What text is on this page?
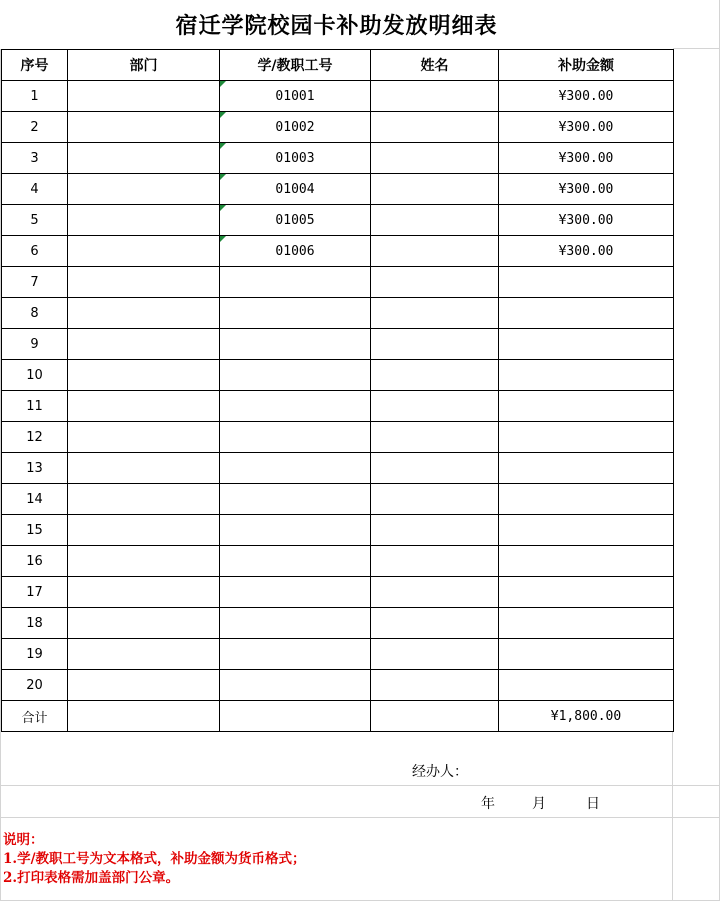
宿迁学院校园卡补助发放明细表
序号	部门	学/教职工号	姓名	补助金额
1		01001		¥300.00
2		01002		¥300.00
3		01003		¥300.00
4		01004		¥300.00
5		01005		¥300.00
6		01006		¥300.00
7				
8				
9				
10				
11				
12				
13				
14				
15				
16				
17				
18				
19				
20				
合计				¥1,800.00
经办人：
年	月	日
说明：
1.学/教职工号为文本格式，补助金额为货币格式；
2.打印表格需加盖部门公章。
